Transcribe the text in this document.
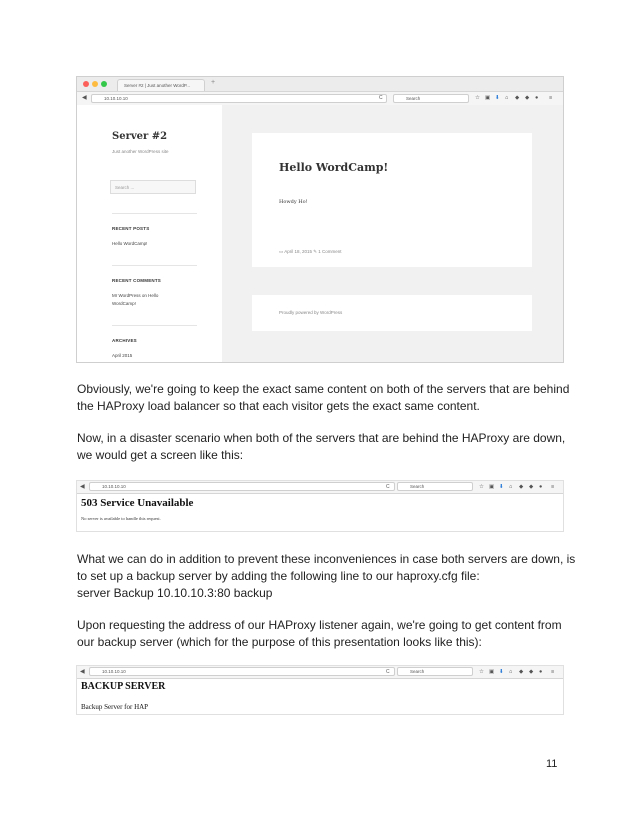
Server #2 | Just another WordP...	+
◀	10.10.10.10	C	Search	☆ ▣ ⬇ ⌂ ◆ ◆ ● ≡
Server #2
Just another WordPress site
Search ...
RECENT POSTS
Hello WordCamp!
RECENT COMMENTS
Mr WordPress on Hello
WordCamp!
ARCHIVES
April 2015
Hello WordCamp!
Howdy Ho!
▭ April 18, 2015 ✎ 1 Comment
Proudly powered by WordPress
Obviously, we're going to keep the exact same content on both of the servers that are behind
the HAProxy load balancer so that each visitor gets the exact same content.
Now, in a disaster scenario when both of the servers that are behind the HAProxy are down,
we would get a screen like this:
◀	10.10.10.10	C	Search	☆ ▣ ⬇ ⌂ ◆ ◆ ● ≡
503 Service Unavailable
No server is available to handle this request.
What we can do in addition to prevent these inconveniences in case both servers are down, is
to set up a backup server by adding the following line to our haproxy.cfg file:
server Backup 10.10.10.3:80 backup
Upon requesting the address of our HAProxy listener again, we're going to get content from
our backup server (which for the purpose of this presentation looks like this):
◀	10.10.10.10	C	Search	☆ ▣ ⬇ ⌂ ◆ ◆ ● ≡
BACKUP SERVER
Backup Server for HAP
11
